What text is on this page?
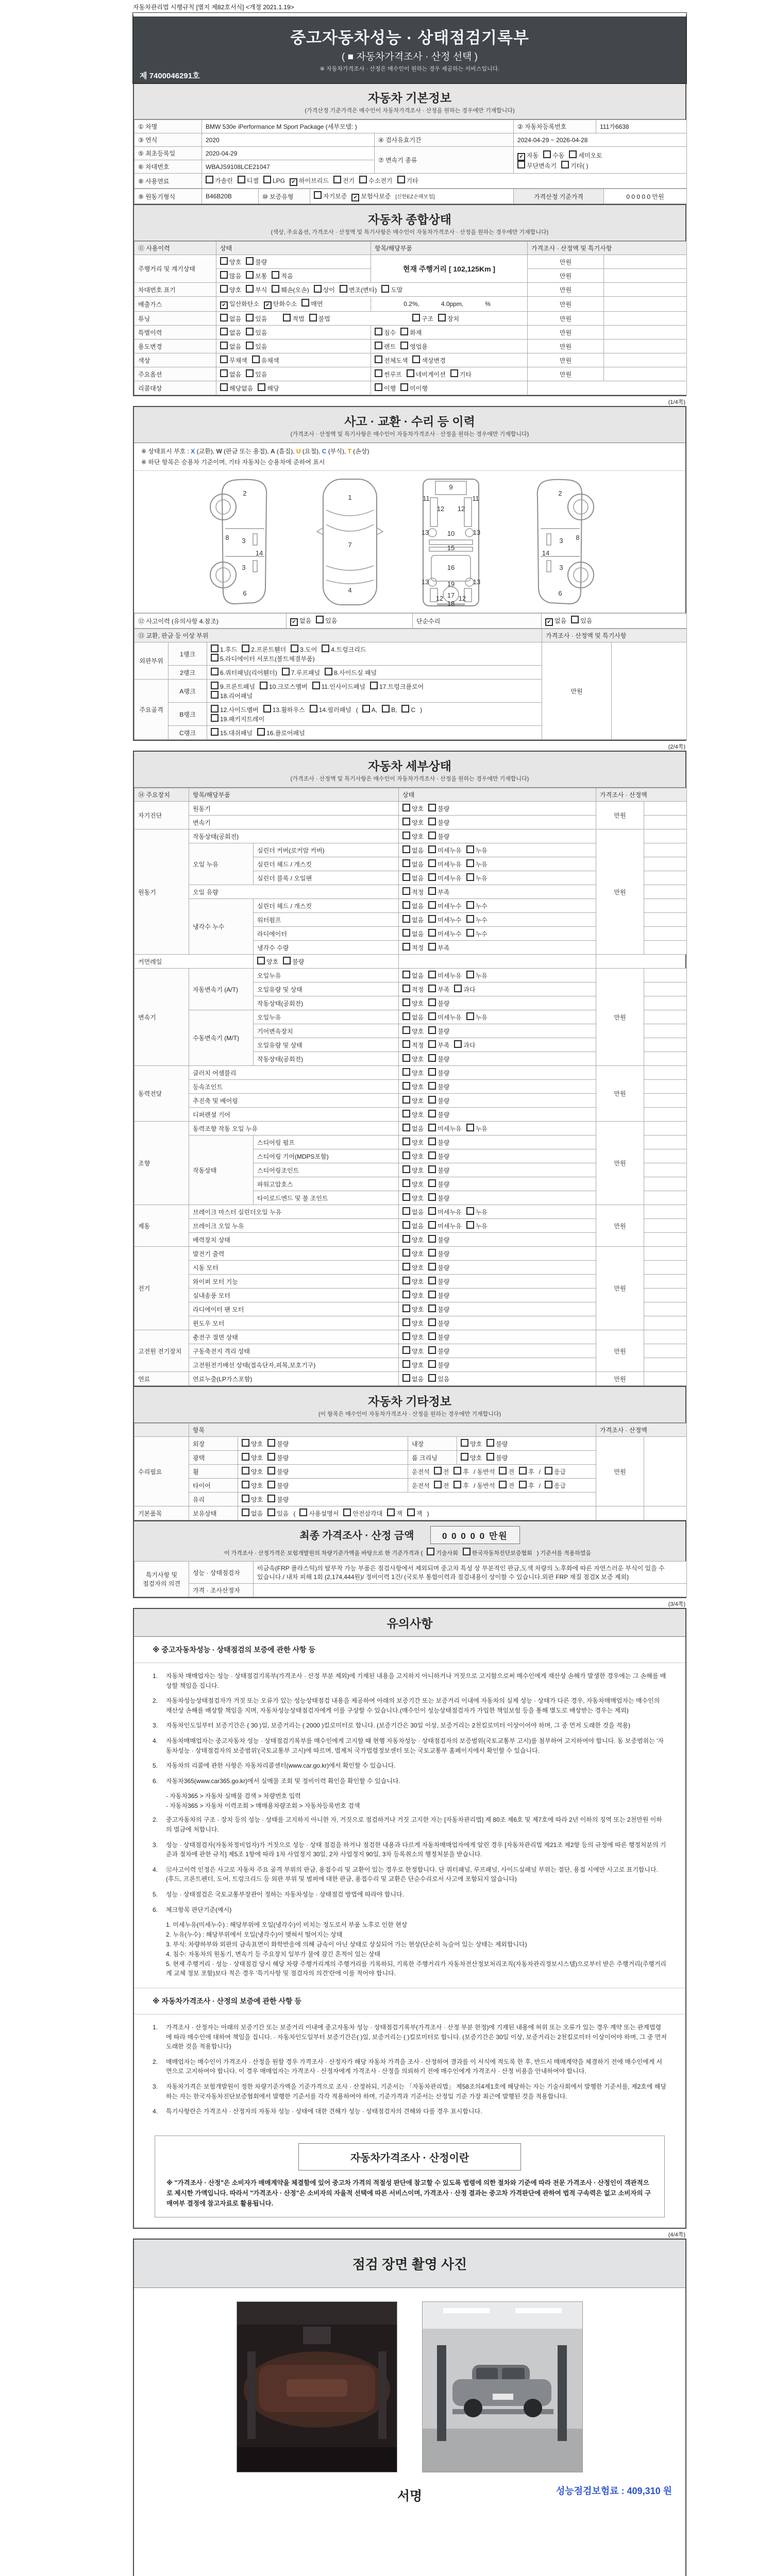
자동차관리법 시행규칙 [별지 제82호서식] <개정 2021.1.19>
중고자동차성능 · 상태점검기록부
( ■ 자동차가격조사 · 산정 선택 )
※ 자동차가격조사 · 산정은 매수인이 원하는 경우 제공하는 서비스입니다.
제 7400046291호
자동차 기본정보
(가격산정 기준가격은 매수인이 자동차가격조사 · 산정을 원하는 경우에만 기재합니다)
① 차명	BMW 530e iPerformance M Sport Package (세부모델: )		② 자동차등록번호	111가6638
③ 연식	2020	④ 검사유효기간	2024-04-29 ~ 2026-04-28	
⑤ 최초등록일	2020-04-29	⑦ 변속기 종류	✔ 자동 수동 세미오토
무단변속기 기타( )	
⑥ 차대번호	WBAJS9108LCE21047			
⑧ 사용연료	가솔린 디젤 LPG ✔ 하이브리드 전기 수소전기 기타			
⑨ 원동기형식	B46B20B	⑩ 보증유형	자기보증 ✔ 보험사보증 [신한EZ손해보험]	가격산정 기준가격	0 0 0 0 0 만원
자동차 종합상태
(색상, 주요옵션, 가격조사 · 산정액 및 특기사항은 매수인이 자동차가격조사 · 산정을 원하는 경우에만 기재합니다)
⑪ 사용이력	상태	항목/해당부품	가격조사 · 산정액 및 특기사항	
주행거리 및 계기상태	양호 불량	현재 주행거리 [ 102,125Km ]	만원	
	많음 보통 적음		만원	
차대번호 표기	양호 부식 훼손(오손) 상이 변조(변타) 도말		만원	
배출가스	✔ 일산화탄소 ✔ 탄화수소 매연	0.2%, 4.0ppm, %	만원	
튜닝	없음 있음 적법 불법 구조 장치		만원	
특별이력	없음 있음	침수 화재	만원	
용도변경	없음 있음	렌트 영업용	만원	
색상	무채색 유채색	전체도색 색상변경	만원	
주요옵션	없음 있음	썬루프 네비게이션 기타	만원	
리콜대상	해당없음 해당	이행 미이행		
(1/4쪽)
사고 · 교환 · 수리 등 이력
(가격조사 · 산정액 및 특기사항은 매수인이 자동차가격조사 · 산정을 원하는 경우에만 기재합니다)
※ 상태표시 부호 : X (교환), W (판금 또는 용접), A (흠집), U (요철), C (부식), T (손상)
※ 하단 항목은 승용차 기준이며, 기타 자동차는 승용차에 준하여 표시
2
8 3
3
14
6
1
7
4
9
11	11
12 12
13	13
10
15
16
19
13	13
12 12
17
18
2
8
3
3
14
6
⑫ 사고이력 (유의사항 4.참조)	✔ 없음 있음	단순수리	✔ 없음 있음
⑬ 교환, 판금 등 이상 부위			가격조사 · 산정액 및 특기사항	
외판부위	1랭크	1.후드 2.프론트휀더 3.도어 4.트렁크리드
5.라디에이터 서포트(볼트체결부품)	만원	
	2랭크	6.쿼터패널(리어휀더) 7.루프패널 8.사이드실 패널		
주요골격	A랭크	9.프론트패널 10.크로스멤버 11.인사이드패널 17.트렁크플로어
18.리어패널		
	B랭크	12.사이드멤버 13.휠하우스 14.필러패널 ( A, B, C )
19.패키지트레이		
	C랭크	15.대쉬패널 16.플로어패널		
(2/4쪽)
자동차 세부상태
(가격조사 · 산정액 및 특기사항은 매수인이 자동차가격조사 · 산정을 원하는 경우에만 기재합니다)
⑭ 주요장치	항목/해당부품		상태	가격조사 · 산정액	
자기진단	원동기		양호 불량	만원	
	변속기		양호 불량		
원동기	작동상태(공회전)		양호 불량	만원	
	오일 누유	실린더 커버(로커암 커버)	없음 미세누유 누유		
		실린더 헤드 / 개스킷	없음 미세누유 누유		
		실린더 블록 / 오일팬	없음 미세누유 누유		
	오일 유량		적정 부족		
	냉각수 누수	실린더 헤드 / 개스킷	없음 미세누수 누수		
		워터펌프	없음 미세누수 누수		
		라디에이터	없음 미세누수 누수		
		냉각수 수량	적정 부족		
커먼레일		양호 불량			
변속기	자동변속기 (A/T)	오일누유	없음 미세누유 누유	만원	
		오일유량 및 상태	적정 부족 과다		
		작동상태(공회전)	양호 불량		
	수동변속기 (M/T)	오일누유	없음 미세누유 누유		
		기어변속장치	양호 불량		
		오일유량 및 상태	적정 부족 과다		
		작동상태(공회전)	양호 불량		
동력전달	클러치 어셈블리		양호 불량	만원	
	등속조인트		양호 불량		
	추진축 및 베어링		양호 불량		
	디퍼렌셜 기어		양호 불량		
조향	동력조향 작동 오일 누유		없음 미세누유 누유	만원	
	작동상태	스티어링 펌프	양호 불량		
		스티어링 기어(MDPS포함)	양호 불량		
		스티어링조인트	양호 불량		
		파워고압호스	양호 불량		
		타이로드엔드 및 볼 조인트	양호 불량		
제동	브레이크 마스터 실린더오일 누유		없음 미세누유 누유	만원	
	브레이크 오일 누유		없음 미세누유 누유		
	배력장치 상태		양호 불량		
전기	발전기 출력		양호 불량	만원	
	시동 모터		양호 불량		
	와이퍼 모터 기능		양호 불량		
	실내송풍 모터		양호 불량		
	라디에이터 팬 모터		양호 불량		
	윈도우 모터		양호 불량		
고전원 전기장치	충전구 절연 상태		양호 불량	만원	
	구동축전지 격리 상태		양호 불량		
	고전원전기배선 상태(접속단자,피복,보호기구)		양호 불량		
연료	연료누출(LP가스포함)		없음 있음	만원	
자동차 기타정보
(이 항목은 매수인이 자동차가격조사 · 산정을 원하는 경우에만 기재합니다)
	항목				가격조사 · 산정액	
수리필요	외장	양호 불량	내장	양호 불량	만원	
	광택	양호 불량	룸 크리닝	양호 불량		
	휠	양호 불량	운전석 전 후 / 동반석 전 후 / 응급			
	타이어	양호 불량	운전석 전 후 / 동반석 전 후 / 응급			
	유리	양호 불량				
기본품목	보유상태	없음 있음 ( 사용설명서 안전삼각대 잭 잭 )				
최종 가격조사 · 산정 금액	0 0 0 0 0 만원
이 가격조사 · 산정가격은 보험개발원의 차량기준가액을 바탕으로 한 기준가격과 ( 기술사회 한국자동차진단보증협회 ) 기준서를 적용하였음
특기사항 및 점검자의 의견	성능 · 상태점검자	비금속(FRP 플라스틱)의 탈부착 가능 부품은 점검사항에서 제외되며 중고차 특성 상 부분적인 판금,도색 차량의 노후화에 따른 자연스러운 부식이 있을 수 있습니다./ 내차 피해 1회 (2,174,444원)/ 정비이력 1건/ (국토부 통합이력과 점검내용이 상이할 수 있습니다.외판 FRP 재질 점검X 보증 제외)
	가격 · 조사산정자	
(3/4쪽)
유의사항
※ 중고자동차성능 · 상태점검의 보증에 관한 사항 등
1.	자동차 매매업자는 성능 · 상태점검기록부(가격조사 · 산정 부분 제외)에 기재된 내용을 고지하지 아니하거나 거짓으로 고지함으로써 매수인에게 재산상 손해가 발생한 경우에는 그 손해를 배상할 책임을 집니다.
2.	자동차성능상태점검자가 거짓 또는 오류가 있는 성능상태점검 내용을 제공하여 아래의 보증기간 또는 보증거리 이내에 자동차의 실제 성능 · 상태가 다른 경우, 자동차매매업자는 매수인의 재산상 손해를 배상할 책임을 지며, 자동차성능상태점검자에게 이를 구상할 수 있습니다.(매수인이 성능상태점검자가 가입한 책임보험 등을 통해 별도로 배상받는 경우는 제외)
3.	자동차인도일부터 보증기간은 ( 30 )일, 보증거리는 ( 2000 )킬로미터로 합니다. (보증기간은 30일 이상, 보증거리는 2천킬로미터 이상이어야 하며, 그 중 먼저 도래한 것을 적용)
4.	자동차매매업자는 중고자동차 성능 · 상태점검기록부를 매수인에게 고지할 때 현행 자동차성능 · 상태점검자의 보증범위(국토교통부 고시)를 첨부하여 고지하여야 합니다. 동 보증범위는 '자동차성능 · 상태점검자의 보증범위'(국토교통부 고시)에 따르며, 법제처 국가법령정보센터 또는 국토교통부 홈페이지에서 확인할 수 있습니다.
5.	자동차의 리콜에 관한 사항은 자동차리콜센터(www.car.go.kr)에서 확인할 수 있습니다.
6.	자동차365(www.car365.go.kr)에서 실매물 조회 및 정비이력 확인을 확인할 수 있습니다.
- 자동차365 > 자동차 실매물 검색 > 차량번호 입력
- 자동차365 > 자동차 이력조회 > 매매용차량조회 > 자동차등록번호 검색
2.	중고자동차의 구조 · 장치 등의 성능 · 상태를 고지하지 아니한 자, 거짓으로 점검하거나 거짓 고지한 자는 [자동차관리법] 제 80조 제6호 및 제7호에 따라 2년 이하의 징역 또는 2천만원 이하의 벌금에 처합니다.
3.	성능 · 상태점검자(자동차정비업자)가 거짓으로 성능 · 상태 점검을 하거나 점검한 내용과 다르게 자동차매매업자에게 알린 경우 [자동차관리법 제21조 제2항 등의 규정에 따른 행정처분의 기준과 절차에 관한 규칙] 제5조 1항에 따라 1차 사업정지 30일, 2차 사업정지 90일, 3차 등록취소의 행정처분을 받습니다.
4.	⑫사고이력 인정은 사고로 자동차 주요 골격 부위의 판금, 용접수리 및 교환이 있는 경우로 한정합니다. 단 쿼터패널, 루프패널, 사이드실패널 부위는 절단, 용접 시에만 사고로 표기합니다. (후드, 프론트펜더, 도어, 트렁크리드 등 외판 부위 및 범퍼에 대한 판금, 용접수리 및 교환은 단순수리로서 사고에 포함되지 않습니다)
5.	성능 · 상태점검은 국토교통부장관이 정하는 자동차성능 · 상태점검 방법에 따라야 합니다.
6.	체크항목 판단기준(예시)
1. 미세누유(미세누수) : 해당부위에 오일(냉각수)이 비치는 정도로서 부품 노후로 인한 현상
2. 누유(누수) : 해당부위에서 오일(냉각수)이 맺혀서 떨어지는 상태
3. 부식: 차량하부와 외판의 금속표면이 화학반응에 의해 금속이 아닌 상태로 상실되어 가는 현상(단순히 녹슬어 있는 상태는 제외합니다)
4. 침수: 자동차의 원동기, 변속기 등 주요장치 일부가 물에 잠긴 흔적이 있는 상태
5. 현재 주행거리 · 성능 · 상태점검 당시 해당 차량 주행거리계의 주행거리를 기록하되, 기록한 주행거리가 자동차전산정보처리조직(자동차관리정보시스템)으로부터 받은 주행거리(주행거리계 교체 정보 포함)보다 적은 경우 '특기사항 및 점검자의 의견'란에 이를 적어야 합니다.
※ 자동차가격조사 · 산정의 보증에 관한 사항 등
1.	가격조사 · 산정자는 아래의 보증기간 또는 보증거리 이내에 중고자동차 성능 · 상태점검기록부(가격조사 · 산정 부분 한정)에 기재된 내용에 허위 또는 오류가 있는 경우 계약 또는 관계법령에 따라 매수인에 대하여 책임을 집니다. · 자동차인도일부터 보증기간은( )일, 보증거리는 ( )킬로미터로 합니다. (보증기간은 30일 이상, 보증거리는 2천킬로미터 이상이어야 하며, 그 중 먼저 도래한 것을 적용합니다)
2.	매매업자는 매수인이 가격조사 · 산정을 원할 경우 가격조사 · 산정자가 해당 자동차 가격을 조사 · 산정하여 결과를 이 서식에 적도록 한 후, 반드시 매매계약을 체결하기 전에 매수인에게 서면으로 고지하여야 합니다. 이 경우 매매업자는 가격조사 · 산정자에게 가격조사 · 산정을 의뢰하기 전에 매수인에게 가격조사 · 산정 비용을 안내하여야 합니다.
3.	자동차가격은 보험개발원이 정한 차량기준가액을 기준가격으로 조사 · 산정하되, 기준서는 「자동차관리법」 제58조의4제1호에 해당하는 자는 기술사회에서 발행한 기준서를, 제2호에 해당하는 자는 한국자동차진단보증협회에서 발행한 기준서를 각각 적용하여야 하며, 기준가격과 기준서는 산정일 기준 가장 최근에 발행된 것을 적용합니다.
4.	특기사항란은 가격조사 · 산정자의 자동차 성능 · 상태에 대한 견해가 성능 · 상태점검자의 견해와 다를 경우 표시합니다.
자동차가격조사 · 산정이란
※ "가격조사 · 산정"은 소비자가 매매계약을 체결함에 있어 중고차 가격의 적절성 판단에 참고할 수 있도록 법령에 의한 절차와 기준에 따라 전문 가격조사 · 산정인이 객관적으로 제시한 가액입니다. 따라서 "가격조사 · 산정"은 소비자의 자율적 선택에 따른 서비스이며, 가격조사 · 산정 결과는 중고차 가격판단에 관하여 법적 구속력은 없고 소비자의 구매여부 결정에 참고자료로 활용됩니다.
(4/4쪽)
점검 장면 촬영 사진
성능점검보험료 : 409,310 원
서명
